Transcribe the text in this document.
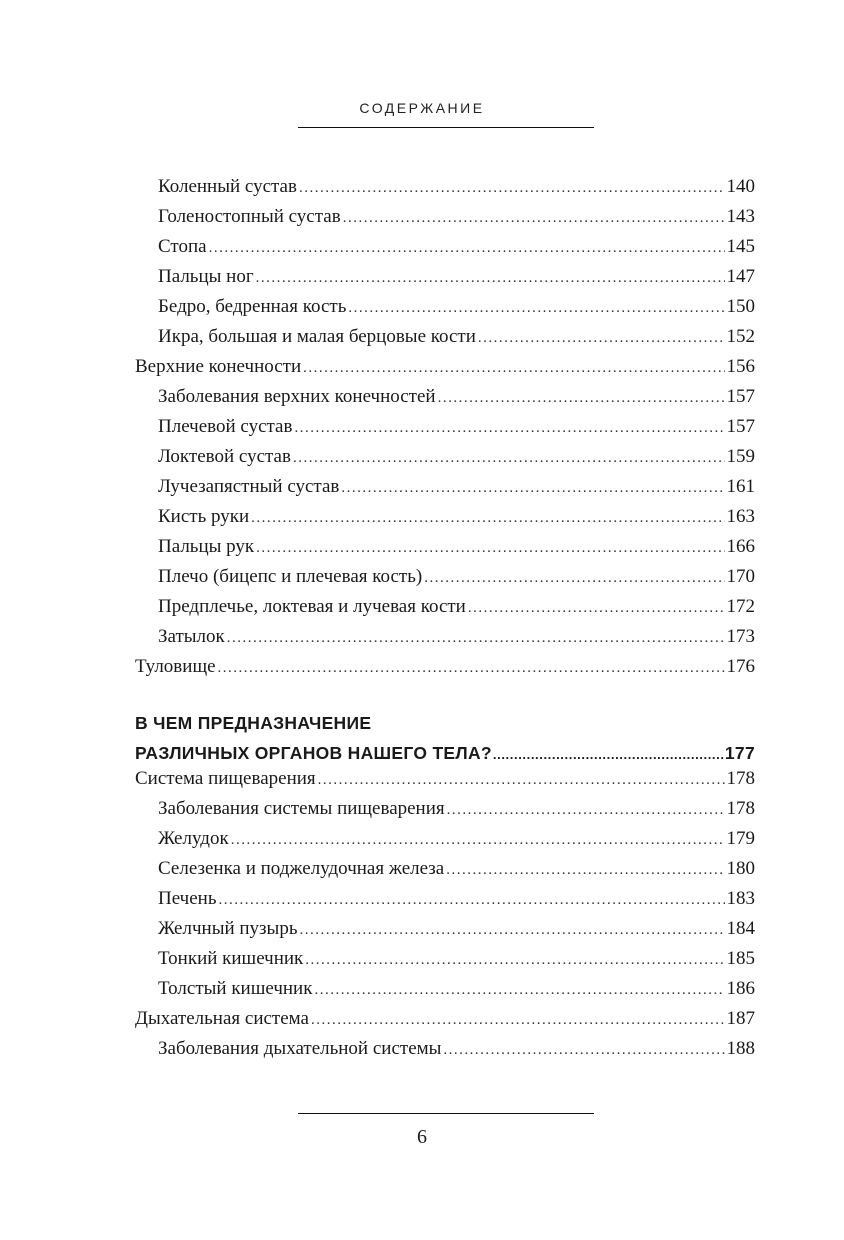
СОДЕРЖАНИЕ
В ЧЕМ ПРЕДНАЗНАЧЕНИЕ
РАЗЛИЧНЫХ ОРГАНОВ НАШЕГО ТЕЛА? .....	177
Коленный сустав .....	140
Голеностопный сустав .....	143
Стопа .....	145
Пальцы ног .....	147
Бедро, бедренная кость .....	150
Икра, большая и малая берцовые кости .....	152
Верхние конечности .....	156
Заболевания верхних конечностей .....	157
Плечевой сустав .....	157
Локтевой сустав .....	159
Лучезапястный сустав .....	161
Кисть руки .....	163
Пальцы рук .....	166
Плечо (бицепс и плечевая кость) .....	170
Предплечье, локтевая и лучевая кости .....	172
Затылок .....	173
Туловище .....	176
Система пищеварения .....	178
Заболевания системы пищеварения .....	178
Желудок .....	179
Селезенка и поджелудочная железа .....	180
Печень .....	183
Желчный пузырь .....	184
Тонкий кишечник .....	185
Толстый кишечник .....	186
Дыхательная система .....	187
Заболевания дыхательной системы .....	188
6
